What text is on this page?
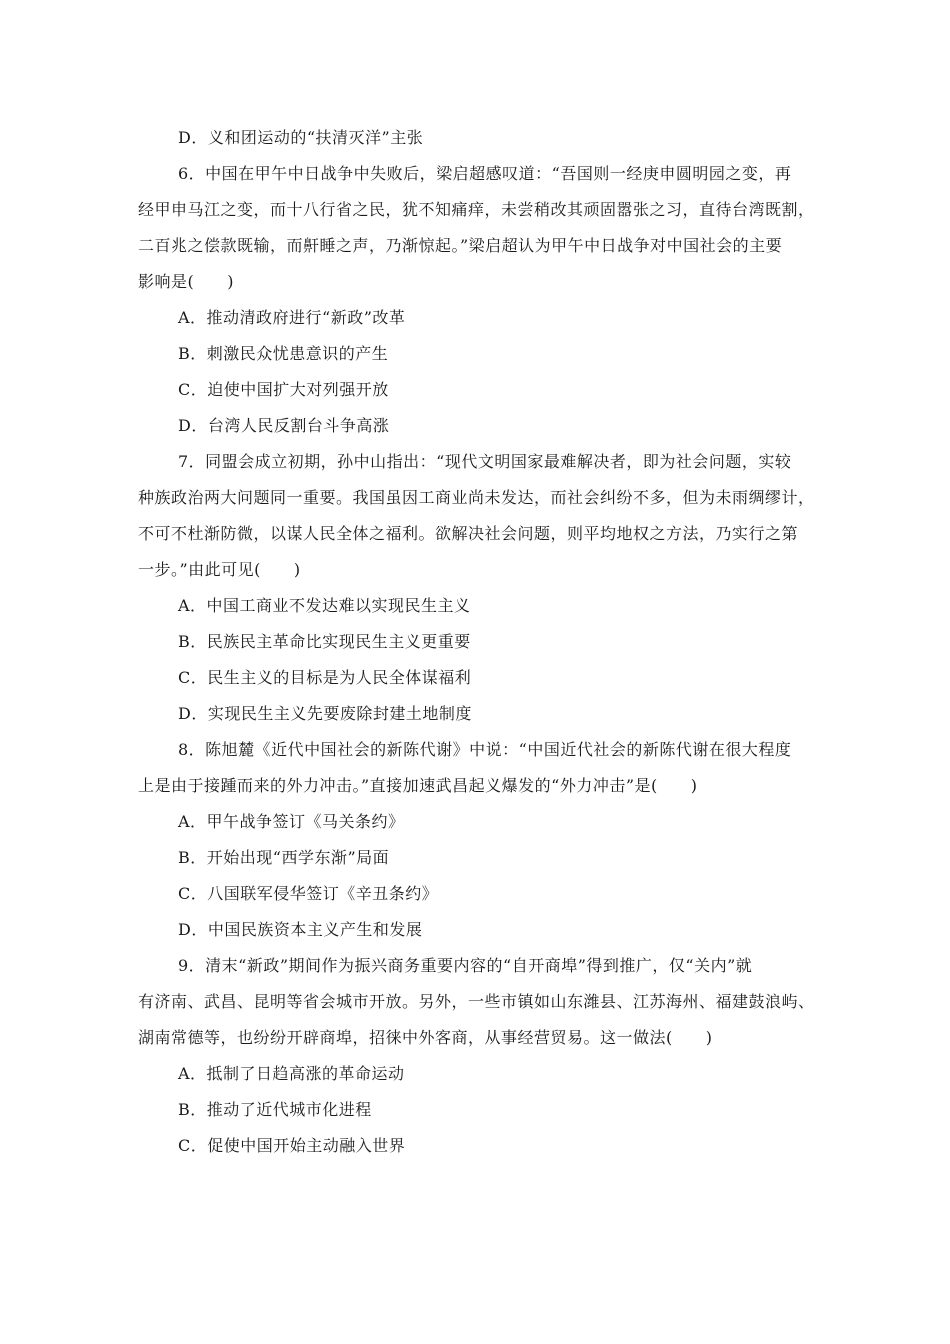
D．义和团运动的“扶清灭洋”主张
6．中国在甲午中日战争中失败后，梁启超感叹道：“吾国则一经庚申圆明园之变，再
经甲申马江之变，而十八行省之民，犹不知痛痒，未尝稍改其顽固嚣张之习，直待台湾既割，
二百兆之偿款既输，而鼾睡之声，乃渐惊起。”梁启超认为甲午中日战争对中国社会的主要
影响是(　　)
A．推动清政府进行“新政”改革
B．刺激民众忧患意识的产生
C．迫使中国扩大对列强开放
D．台湾人民反割台斗争高涨
7．同盟会成立初期，孙中山指出：“现代文明国家最难解决者，即为社会问题，实较
种族政治两大问题同一重要。我国虽因工商业尚未发达，而社会纠纷不多，但为未雨绸缪计，
不可不杜渐防微，以谋人民全体之福利。欲解决社会问题，则平均地权之方法，乃实行之第
一步。”由此可见(　　)
A．中国工商业不发达难以实现民生主义
B．民族民主革命比实现民生主义更重要
C．民生主义的目标是为人民全体谋福利
D．实现民生主义先要废除封建土地制度
8．陈旭麓《近代中国社会的新陈代谢》中说：“中国近代社会的新陈代谢在很大程度
上是由于接踵而来的外力冲击。”直接加速武昌起义爆发的“外力冲击”是(　　)
A．甲午战争签订《马关条约》
B．开始出现“西学东渐”局面
C．八国联军侵华签订《辛丑条约》
D．中国民族资本主义产生和发展
9．清末“新政”期间作为振兴商务重要内容的“自开商埠”得到推广，仅“关内”就
有济南、武昌、昆明等省会城市开放。另外，一些市镇如山东潍县、江苏海州、福建鼓浪屿、
湖南常德等，也纷纷开辟商埠，招徕中外客商，从事经营贸易。这一做法(　　)
A．抵制了日趋高涨的革命运动
B．推动了近代城市化进程
C．促使中国开始主动融入世界
